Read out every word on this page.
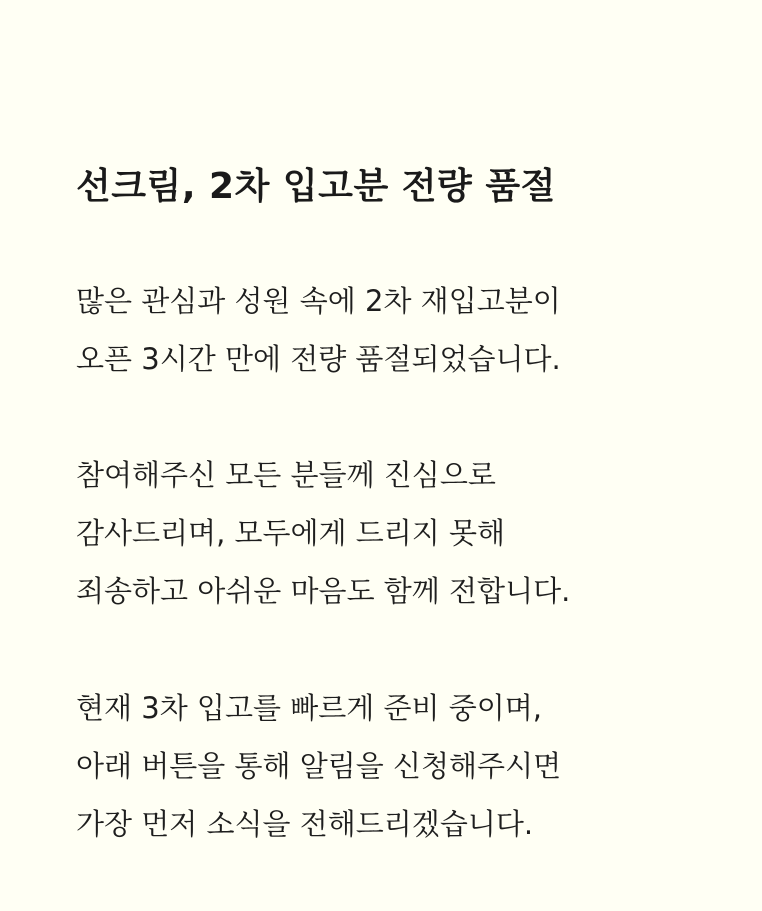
선크림, 2차 입고분 전량 품절

많은 관심과 성원 속에 2차 재입고분이
오픈 3시간 만에 전량 품절되었습니다.

참여해주신 모든 분들께 진심으로
감사드리며, 모두에게 드리지 못해
죄송하고 아쉬운 마음도 함께 전합니다.

현재 3차 입고를 빠르게 준비 중이며,
아래 버튼을 통해 알림을 신청해주시면
가장 먼저 소식을 전해드리겠습니다.
